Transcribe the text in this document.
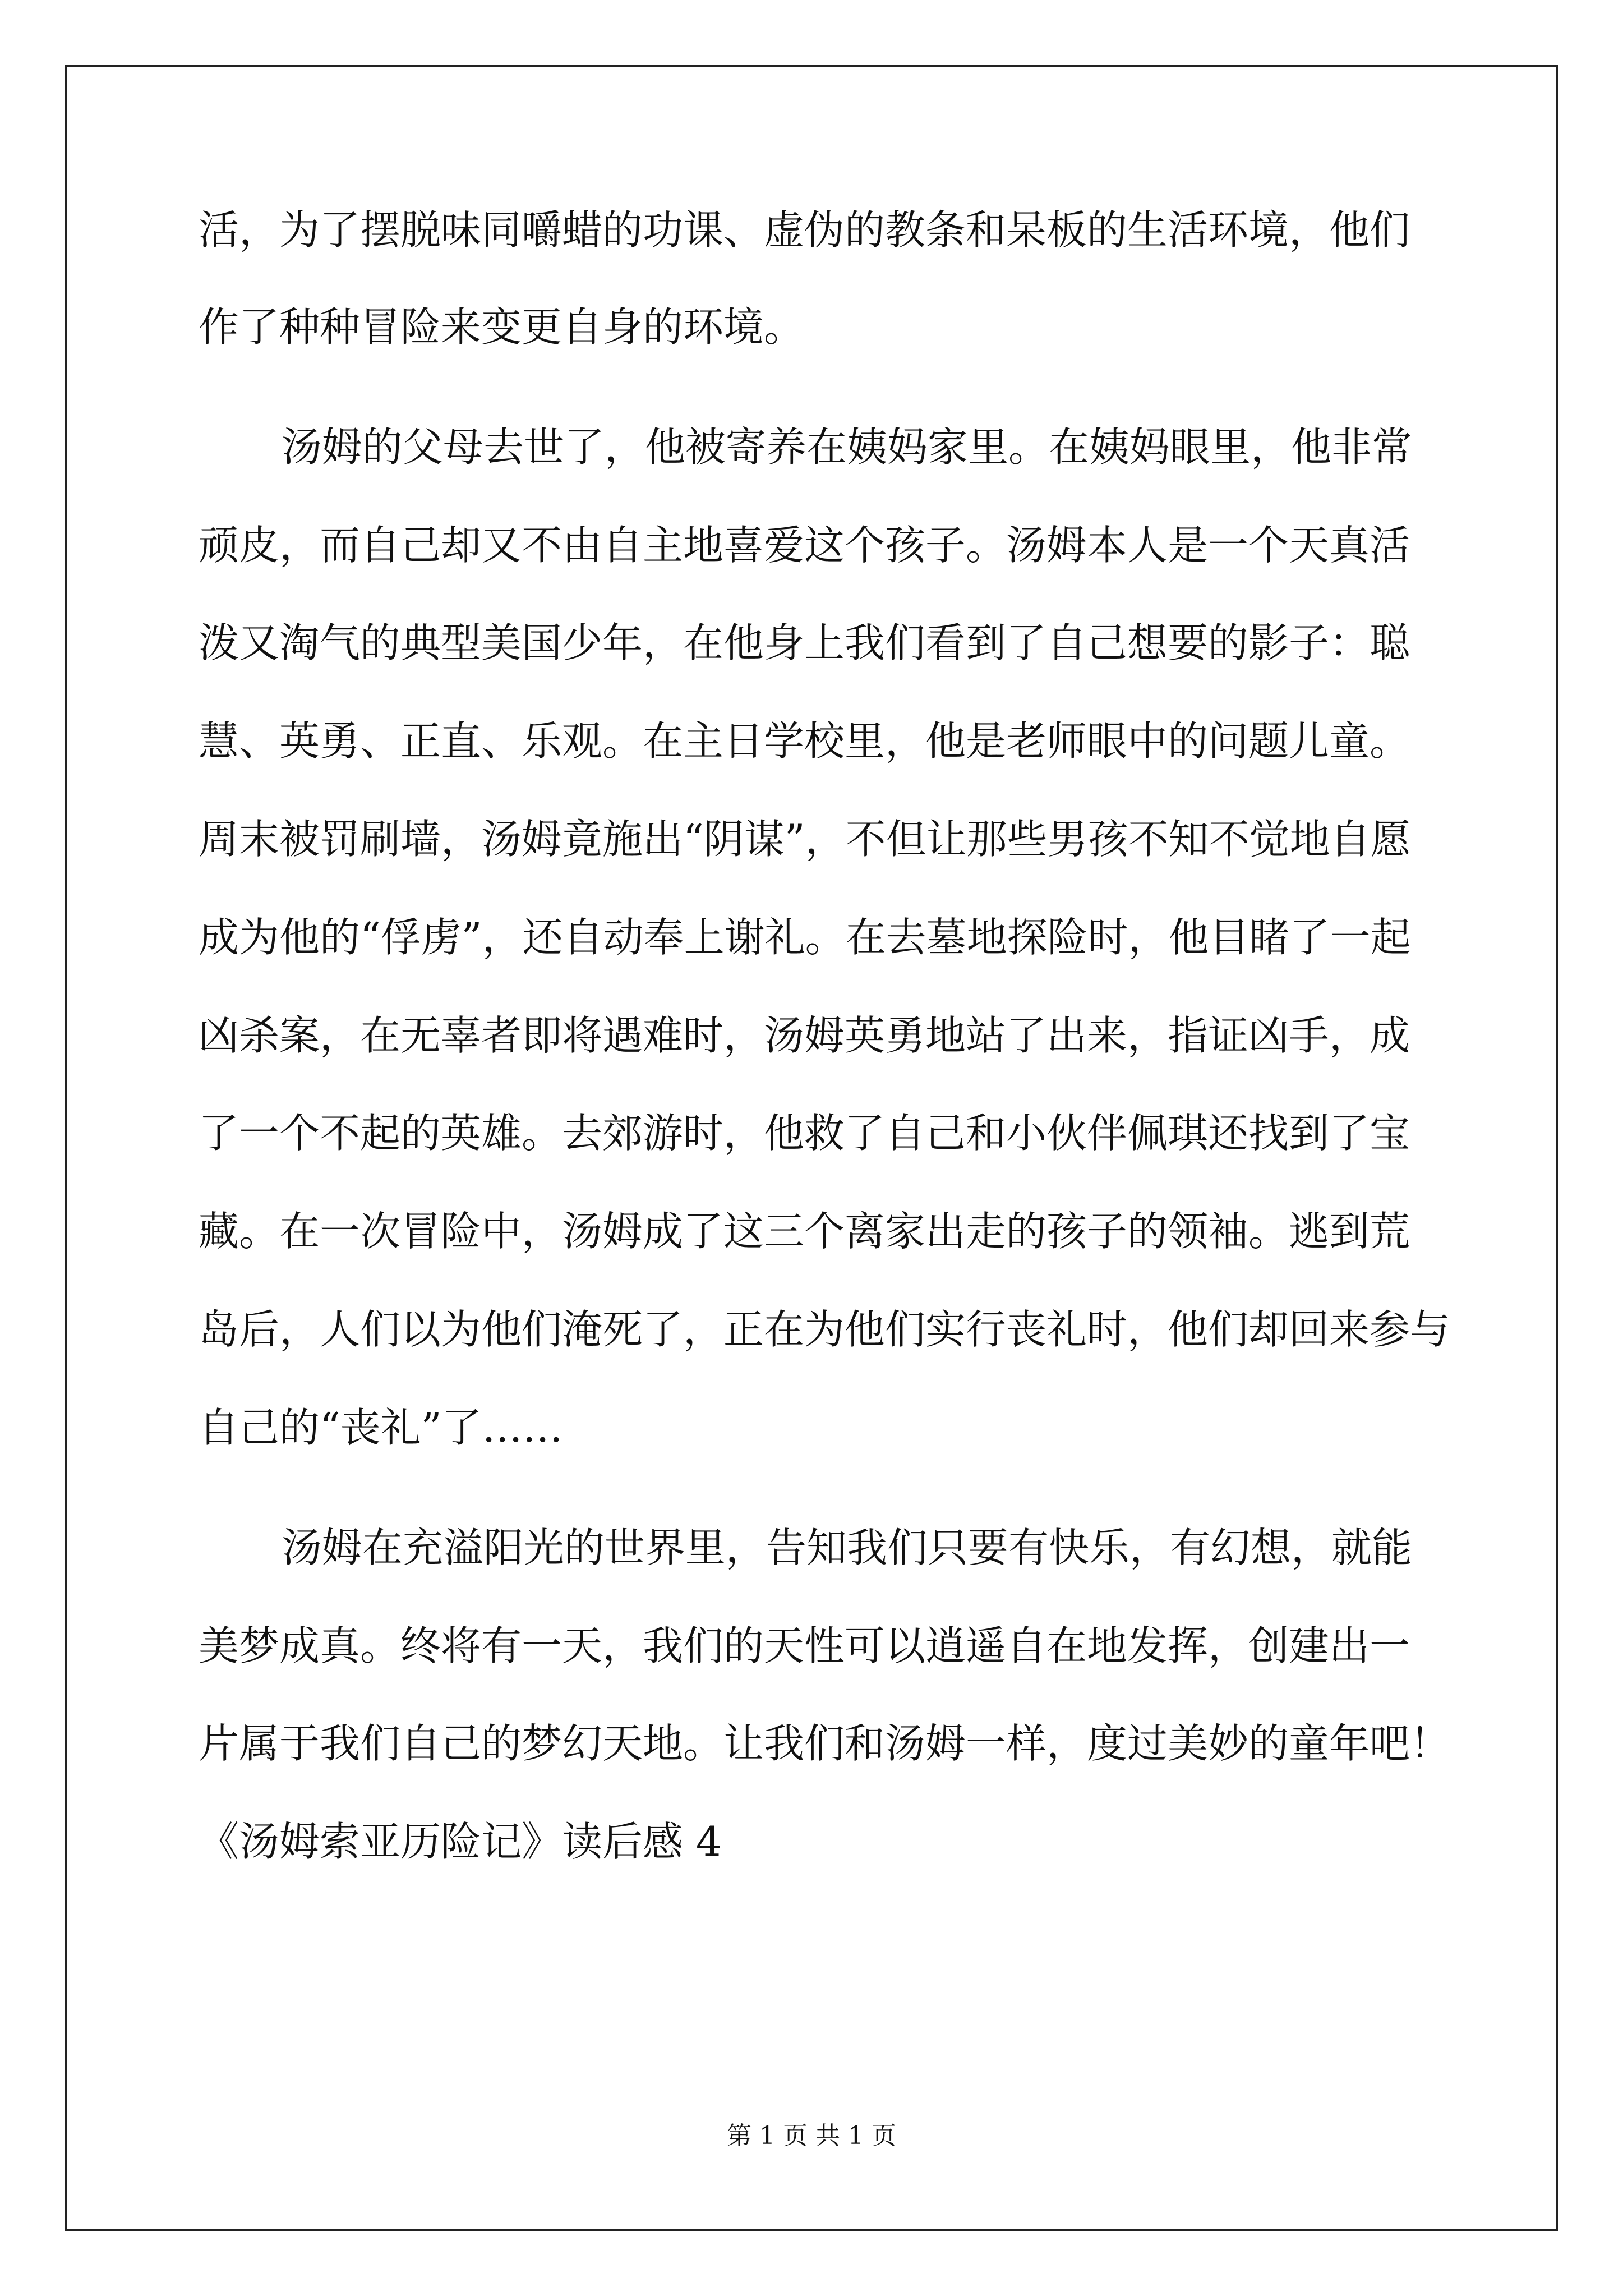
活，为了摆脱味同嚼蜡的功课、虚伪的教条和呆板的生活环境，他们
作了种种冒险来变更自身的环境。
汤姆的父母去世了，他被寄养在姨妈家里。在姨妈眼里，他非常
顽皮，而自己却又不由自主地喜爱这个孩子。汤姆本人是一个天真活
泼又淘气的典型美国少年，在他身上我们看到了自己想要的影子：聪
慧、英勇、正直、乐观。在主日学校里，他是老师眼中的问题儿童。
周末被罚刷墙，汤姆竟施出“阴谋”，不但让那些男孩不知不觉地自愿
成为他的“俘虏”，还自动奉上谢礼。在去墓地探险时，他目睹了一起
凶杀案，在无辜者即将遇难时，汤姆英勇地站了出来，指证凶手，成
了一个不起的英雄。去郊游时，他救了自己和小伙伴佩琪还找到了宝
藏。在一次冒险中，汤姆成了这三个离家出走的孩子的领袖。逃到荒
岛后，人们以为他们淹死了，正在为他们实行丧礼时，他们却回来参与
自己的“丧礼”了……
汤姆在充溢阳光的世界里，告知我们只要有快乐，有幻想，就能
美梦成真。终将有一天，我们的天性可以逍遥自在地发挥，创建出一
片属于我们自己的梦幻天地。让我们和汤姆一样，度过美妙的童年吧！
《汤姆索亚历险记》读后感 4
第 1 页 共 1 页
